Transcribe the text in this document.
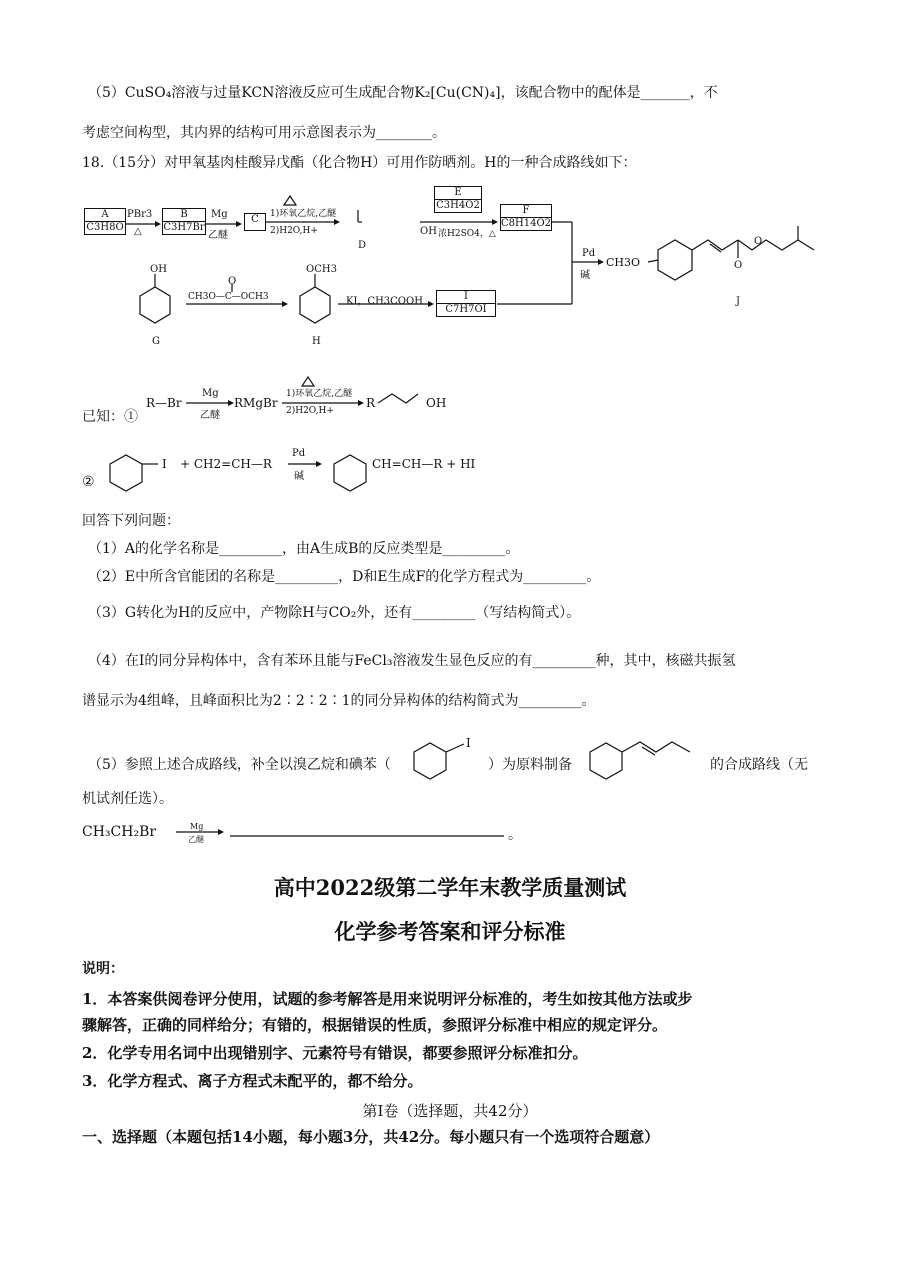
（5）CuSO₄溶液与过量KCN溶液反应可生成配合物K₂[Cu(CN)₄]，该配合物中的配体是_______，不
考虑空间构型，其内界的结构可用示意图表示为________。
18.（15分）对甲氧基肉桂酸异戊酯（化合物H）可用作防晒剂。H的一种合成路线如下：
A
C3H8O
PBr3
△
B
C3H7Br
Mg
乙醚
C	1)环氧乙烷,乙醚
2)H2O,H+
D
E
C3H4O2
OH 浓H2SO4，△
F
C8H14O2
Pd
碱
CH3O	O
O
J
OH
G
O
CH3O—C—OCH3
OCH3
H
KI，CH3COOH	I
C7H7OI
已知：①
R—Br
Mg
乙醚
RMgBr
1)环氧乙烷,乙醚
2)H2O,H+
R	OH
②
I + CH2=CH—R
Pd
碱
CH=CH—R + HI
回答下列问题：
（1）A的化学名称是_________，由A生成B的反应类型是_________。
（2）E中所含官能团的名称是_________，D和E生成F的化学方程式为_________。
（3）G转化为H的反应中，产物除H与CO₂外，还有_________（写结构简式）。
（4）在I的同分异构体中，含有苯环且能与FeCl₃溶液发生显色反应的有_________种，其中，核磁共振氢
谱显示为4组峰，且峰面积比为2∶2∶2∶1的同分异构体的结构简式为_________。
（5）参照上述合成路线，补全以溴乙烷和碘苯（
I
）为原料制备	的合成路线（无
机试剂任选）。
CH₃CH₂Br	Mg
乙醚	。
高中2022级第二学年末教学质量测试
化学参考答案和评分标准
说明：
1．本答案供阅卷评分使用，试题的参考解答是用来说明评分标准的，考生如按其他方法或步
骤解答，正确的同样给分；有错的，根据错误的性质，参照评分标准中相应的规定评分。
2．化学专用名词中出现错别字、元素符号有错误，都要参照评分标准扣分。
3．化学方程式、离子方程式未配平的，都不给分。
第Ⅰ卷（选择题，共42分）
一、选择题（本题包括14小题，每小题3分，共42分。每小题只有一个选项符合题意）
